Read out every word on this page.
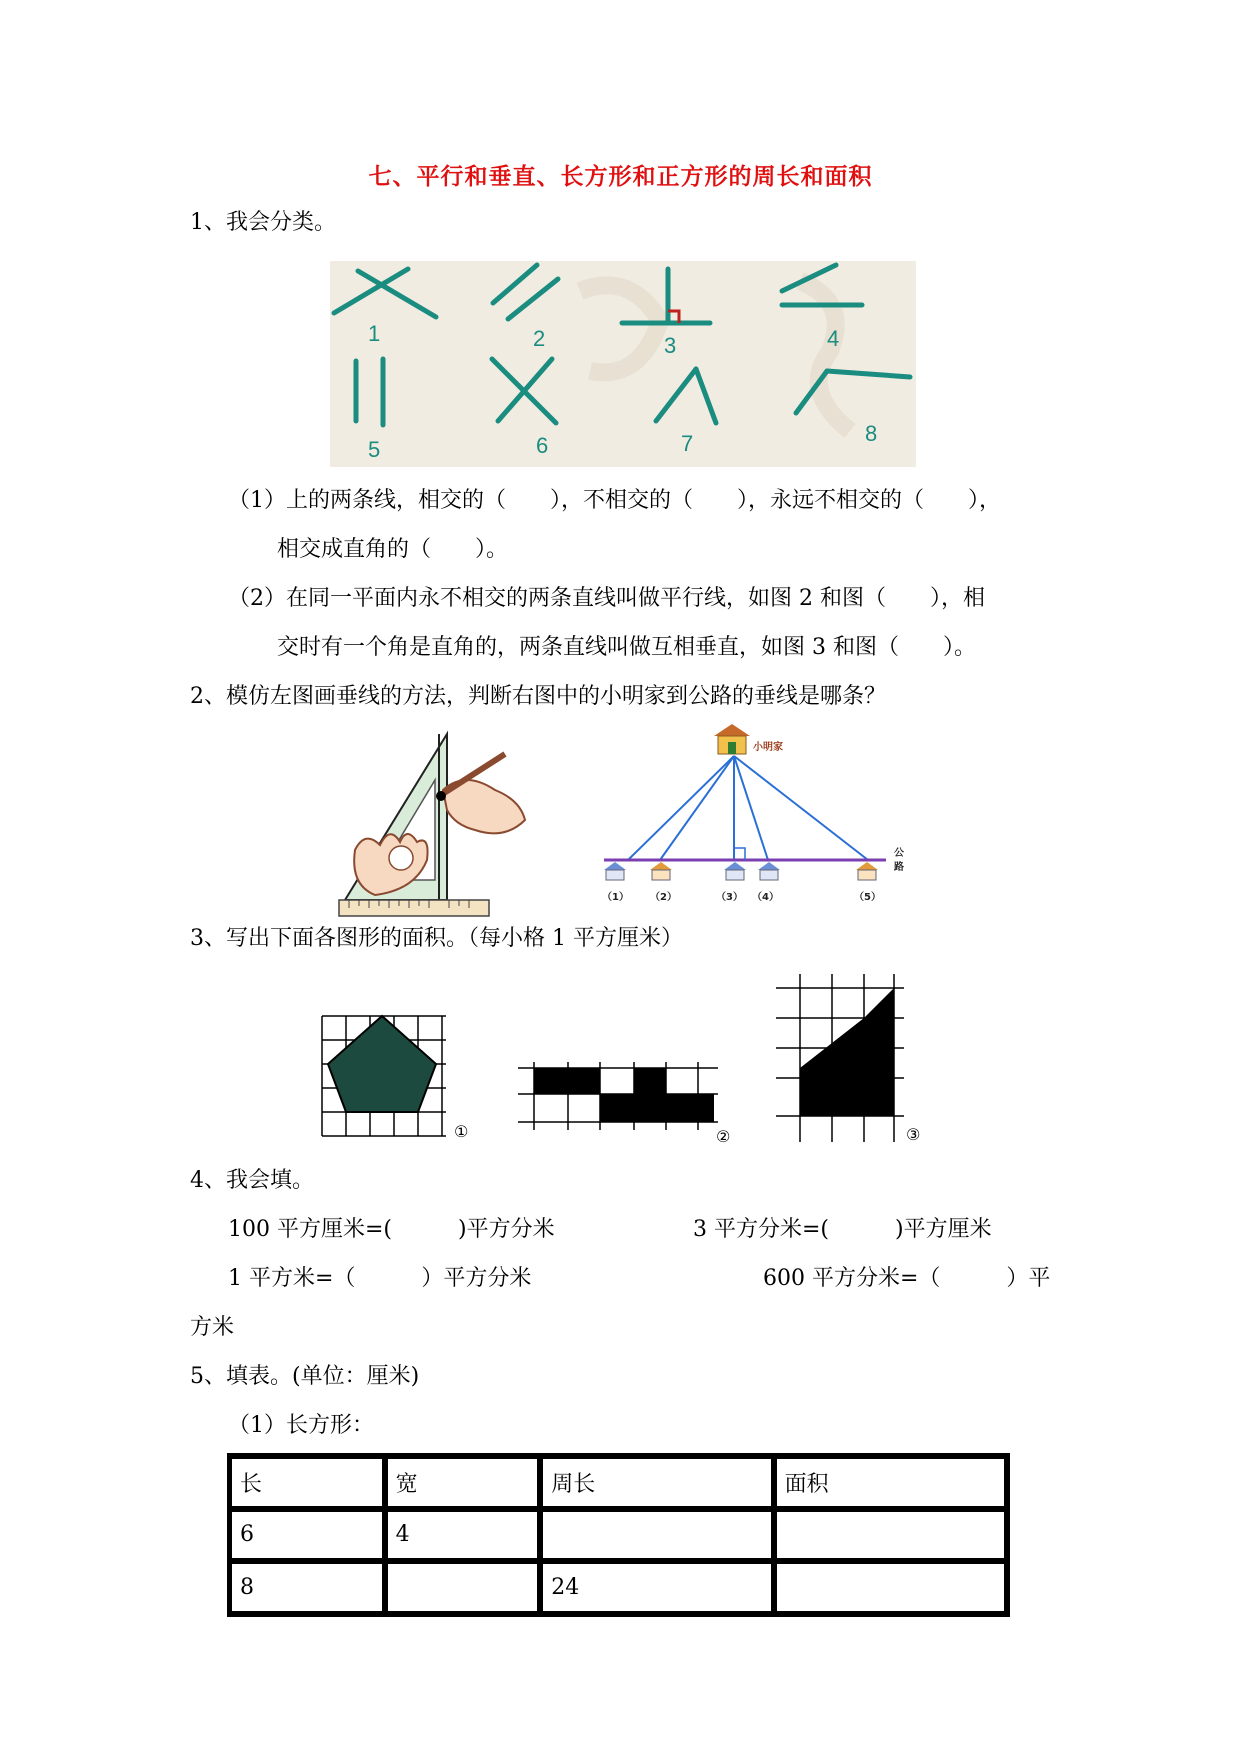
七、平行和垂直、长方形和正方形的周长和面积
1、我会分类。
1	2	3	4
5	6	7	8
（1）上的两条线，相交的（　　），不相交的（　　），永远不相交的（　　），
相交成直角的（　　）。
（2）在同一平面内永不相交的两条直线叫做平行线，如图 2 和图（　　），相
交时有一个角是直角的，两条直线叫做互相垂直，如图 3 和图（　　）。
2、模仿左图画垂线的方法，判断右图中的小明家到公路的垂线是哪条？
小明家
公
路
（1） （2）	（3） （4）	（5）
3、写出下面各图形的面积。（每小格 1 平方厘米）
①	②	③
4、我会填。
100 平方厘米=(　　　)平方分米	3 平方分米=(　　　)平方厘米
1 平方米=（　　　）平方分米	600 平方分米=（　　　）平
方米
5、填表。(单位：厘米)
（1）长方形：
长	宽	周长	面积
6	4		
8		24	
